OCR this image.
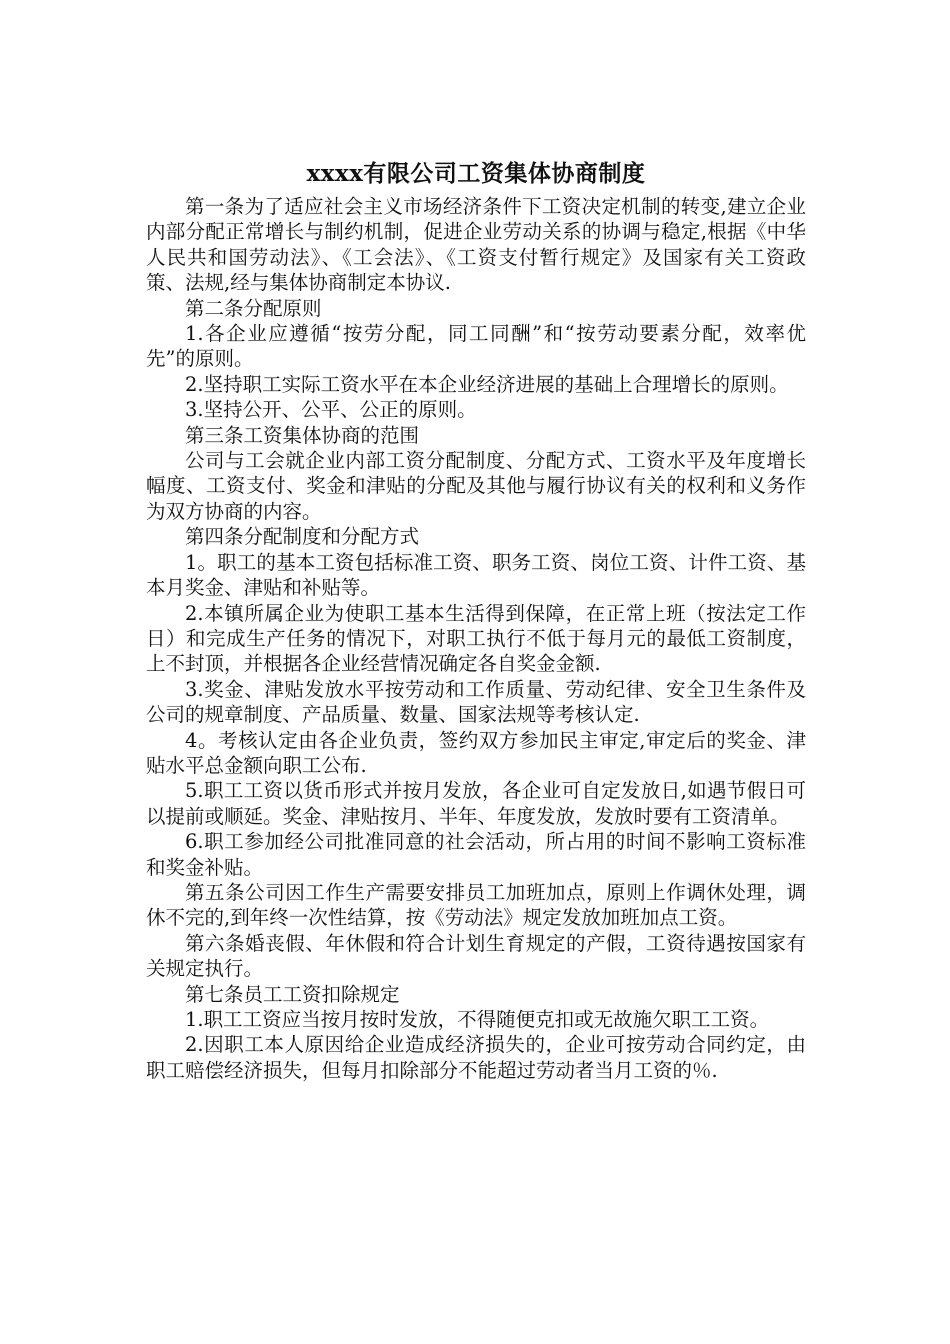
xxxx有限公司工资集体协商制度

第一条为了适应社会主义市场经济条件下工资决定机制的转变,建立企业内部分配正常增长与制约机制，促进企业劳动关系的协调与稳定,根据《中华人民共和国劳动法》、《工会法》、《工资支付暂行规定》及国家有关工资政策、法规,经与集体协商制定本协议.

第二条分配原则

1.各企业应遵循“按劳分配，同工同酬”和“按劳动要素分配，效率优先”的原则。

2.坚持职工实际工资水平在本企业经济进展的基础上合理增长的原则。

3.坚持公开、公平、公正的原则。

第三条工资集体协商的范围

公司与工会就企业内部工资分配制度、分配方式、工资水平及年度增长幅度、工资支付、奖金和津贴的分配及其他与履行协议有关的权利和义务作为双方协商的内容。

第四条分配制度和分配方式

1。职工的基本工资包括标准工资、职务工资、岗位工资、计件工资、基本月奖金、津贴和补贴等。

2.本镇所属企业为使职工基本生活得到保障，在正常上班（按法定工作日）和完成生产任务的情况下，对职工执行不低于每月元的最低工资制度，上不封顶，并根据各企业经营情况确定各自奖金金额.

3.奖金、津贴发放水平按劳动和工作质量、劳动纪律、安全卫生条件及公司的规章制度、产品质量、数量、国家法规等考核认定.

4。考核认定由各企业负责，签约双方参加民主审定,审定后的奖金、津贴水平总金额向职工公布.

5.职工工资以货币形式并按月发放，各企业可自定发放日,如遇节假日可以提前或顺延。奖金、津贴按月、半年、年度发放，发放时要有工资清单。

6.职工参加经公司批准同意的社会活动，所占用的时间不影响工资标准和奖金补贴。

第五条公司因工作生产需要安排员工加班加点，原则上作调休处理，调休不完的,到年终一次性结算，按《劳动法》规定发放加班加点工资。

第六条婚丧假、年休假和符合计划生育规定的产假，工资待遇按国家有关规定执行。

第七条员工工资扣除规定

1.职工工资应当按月按时发放，不得随便克扣或无故施欠职工工资。

2.因职工本人原因给企业造成经济损失的，企业可按劳动合同约定，由职工赔偿经济损失，但每月扣除部分不能超过劳动者当月工资的％.
